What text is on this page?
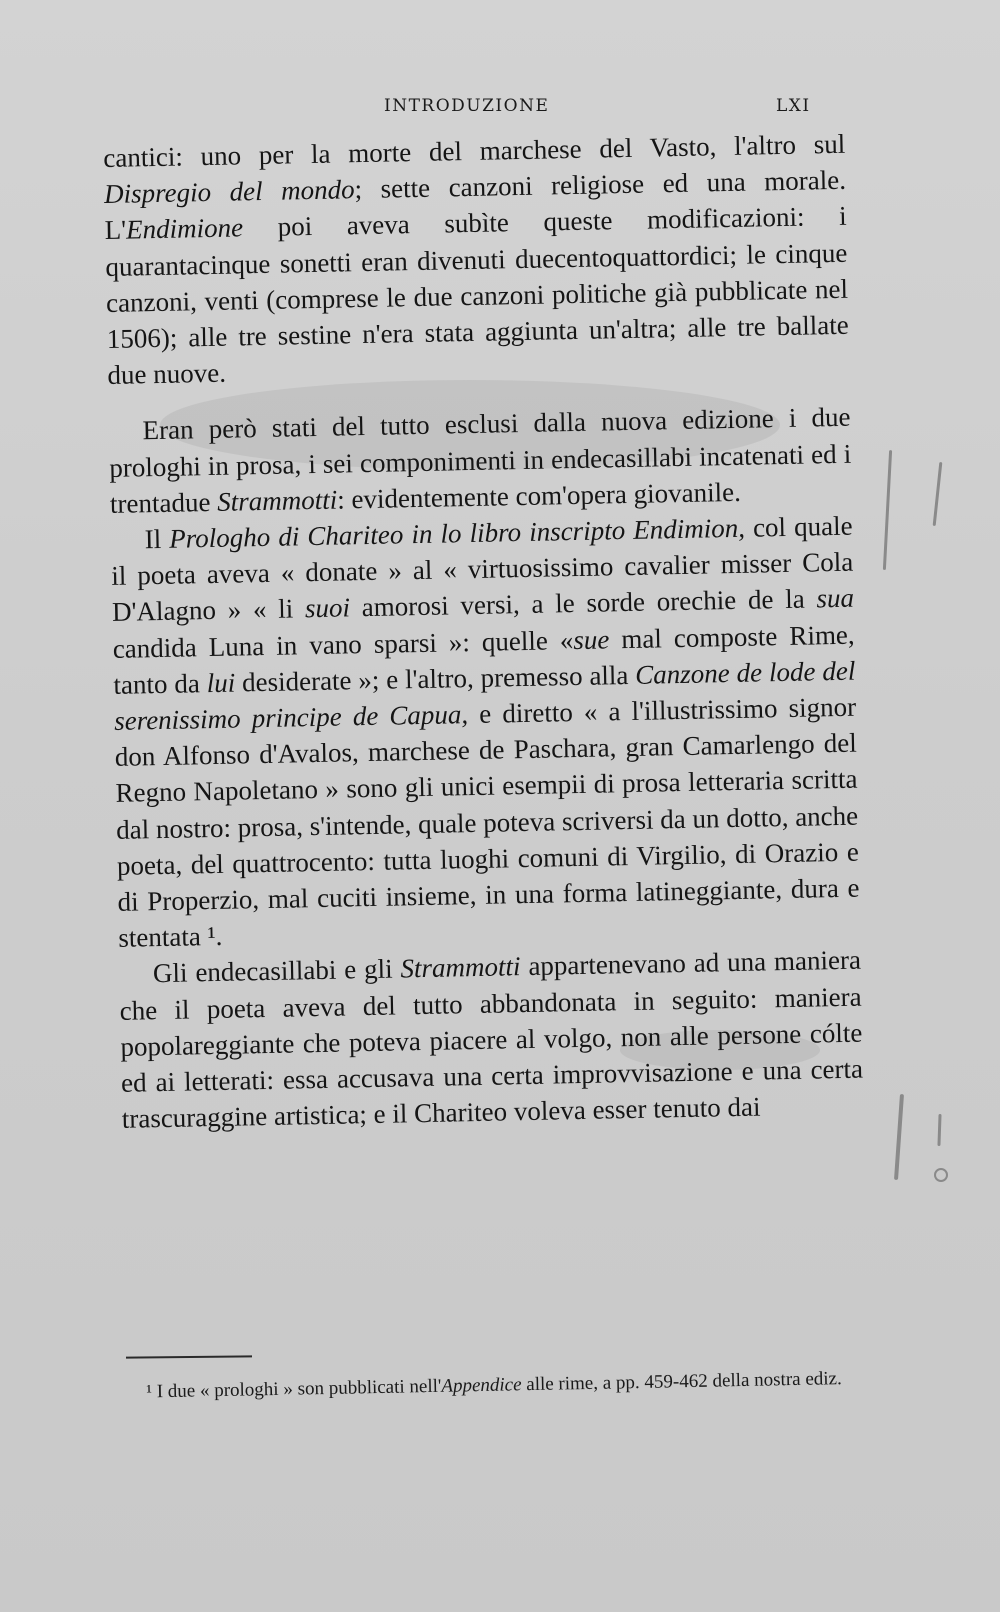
INTRODUZIONE	LXI

cantici: uno per la morte del marchese del Vasto, l'altro sul Dispregio del mondo; sette canzoni religiose ed una morale. L'Endimione poi aveva subìte queste modificazioni: i quarantacinque sonetti eran divenuti duecentoquattordici; le cinque canzoni, venti (comprese le due canzoni politiche già pubblicate nel 1506); alle tre sestine n'era stata aggiunta un'altra; alle tre ballate due nuove.

Eran però stati del tutto esclusi dalla nuova edizione i due prologhi in prosa, i sei componimenti in endecasillabi incatenati ed i trentadue Strammotti: evidentemente com'opera giovanile.

Il Prologho di Chariteo in lo libro inscripto Endimion, col quale il poeta aveva « donate » al « virtuosissimo cavalier misser Cola D'Alagno » « li suoi amorosi versi, a le sorde orechie de la sua candida Luna in vano sparsi »: quelle «sue mal composte Rime, tanto da lui desiderate »; e l'altro, premesso alla Canzone de lode del serenissimo principe de Capua, e diretto « a l'illustrissimo signor don Alfonso d'Avalos, marchese de Paschara, gran Camarlengo del Regno Napoletano » sono gli unici esempii di prosa letteraria scritta dal nostro: prosa, s'intende, quale poteva scriversi da un dotto, anche poeta, del quattrocento: tutta luoghi comuni di Virgilio, di Orazio e di Properzio, mal cuciti insieme, in una forma latineggiante, dura e stentata ¹.

Gli endecasillabi e gli Strammotti appartenevano ad una maniera che il poeta aveva del tutto abbandonata in seguito: maniera popolareggiante che poteva piacere al volgo, non alle persone cólte ed ai letterati: essa accusava una certa improvvisazione e una certa trascuraggine artistica; e il Chariteo voleva esser tenuto dai

¹ I due « prologhi » son pubblicati nell'Appendice alle rime, a pp. 459-462 della nostra ediz.
